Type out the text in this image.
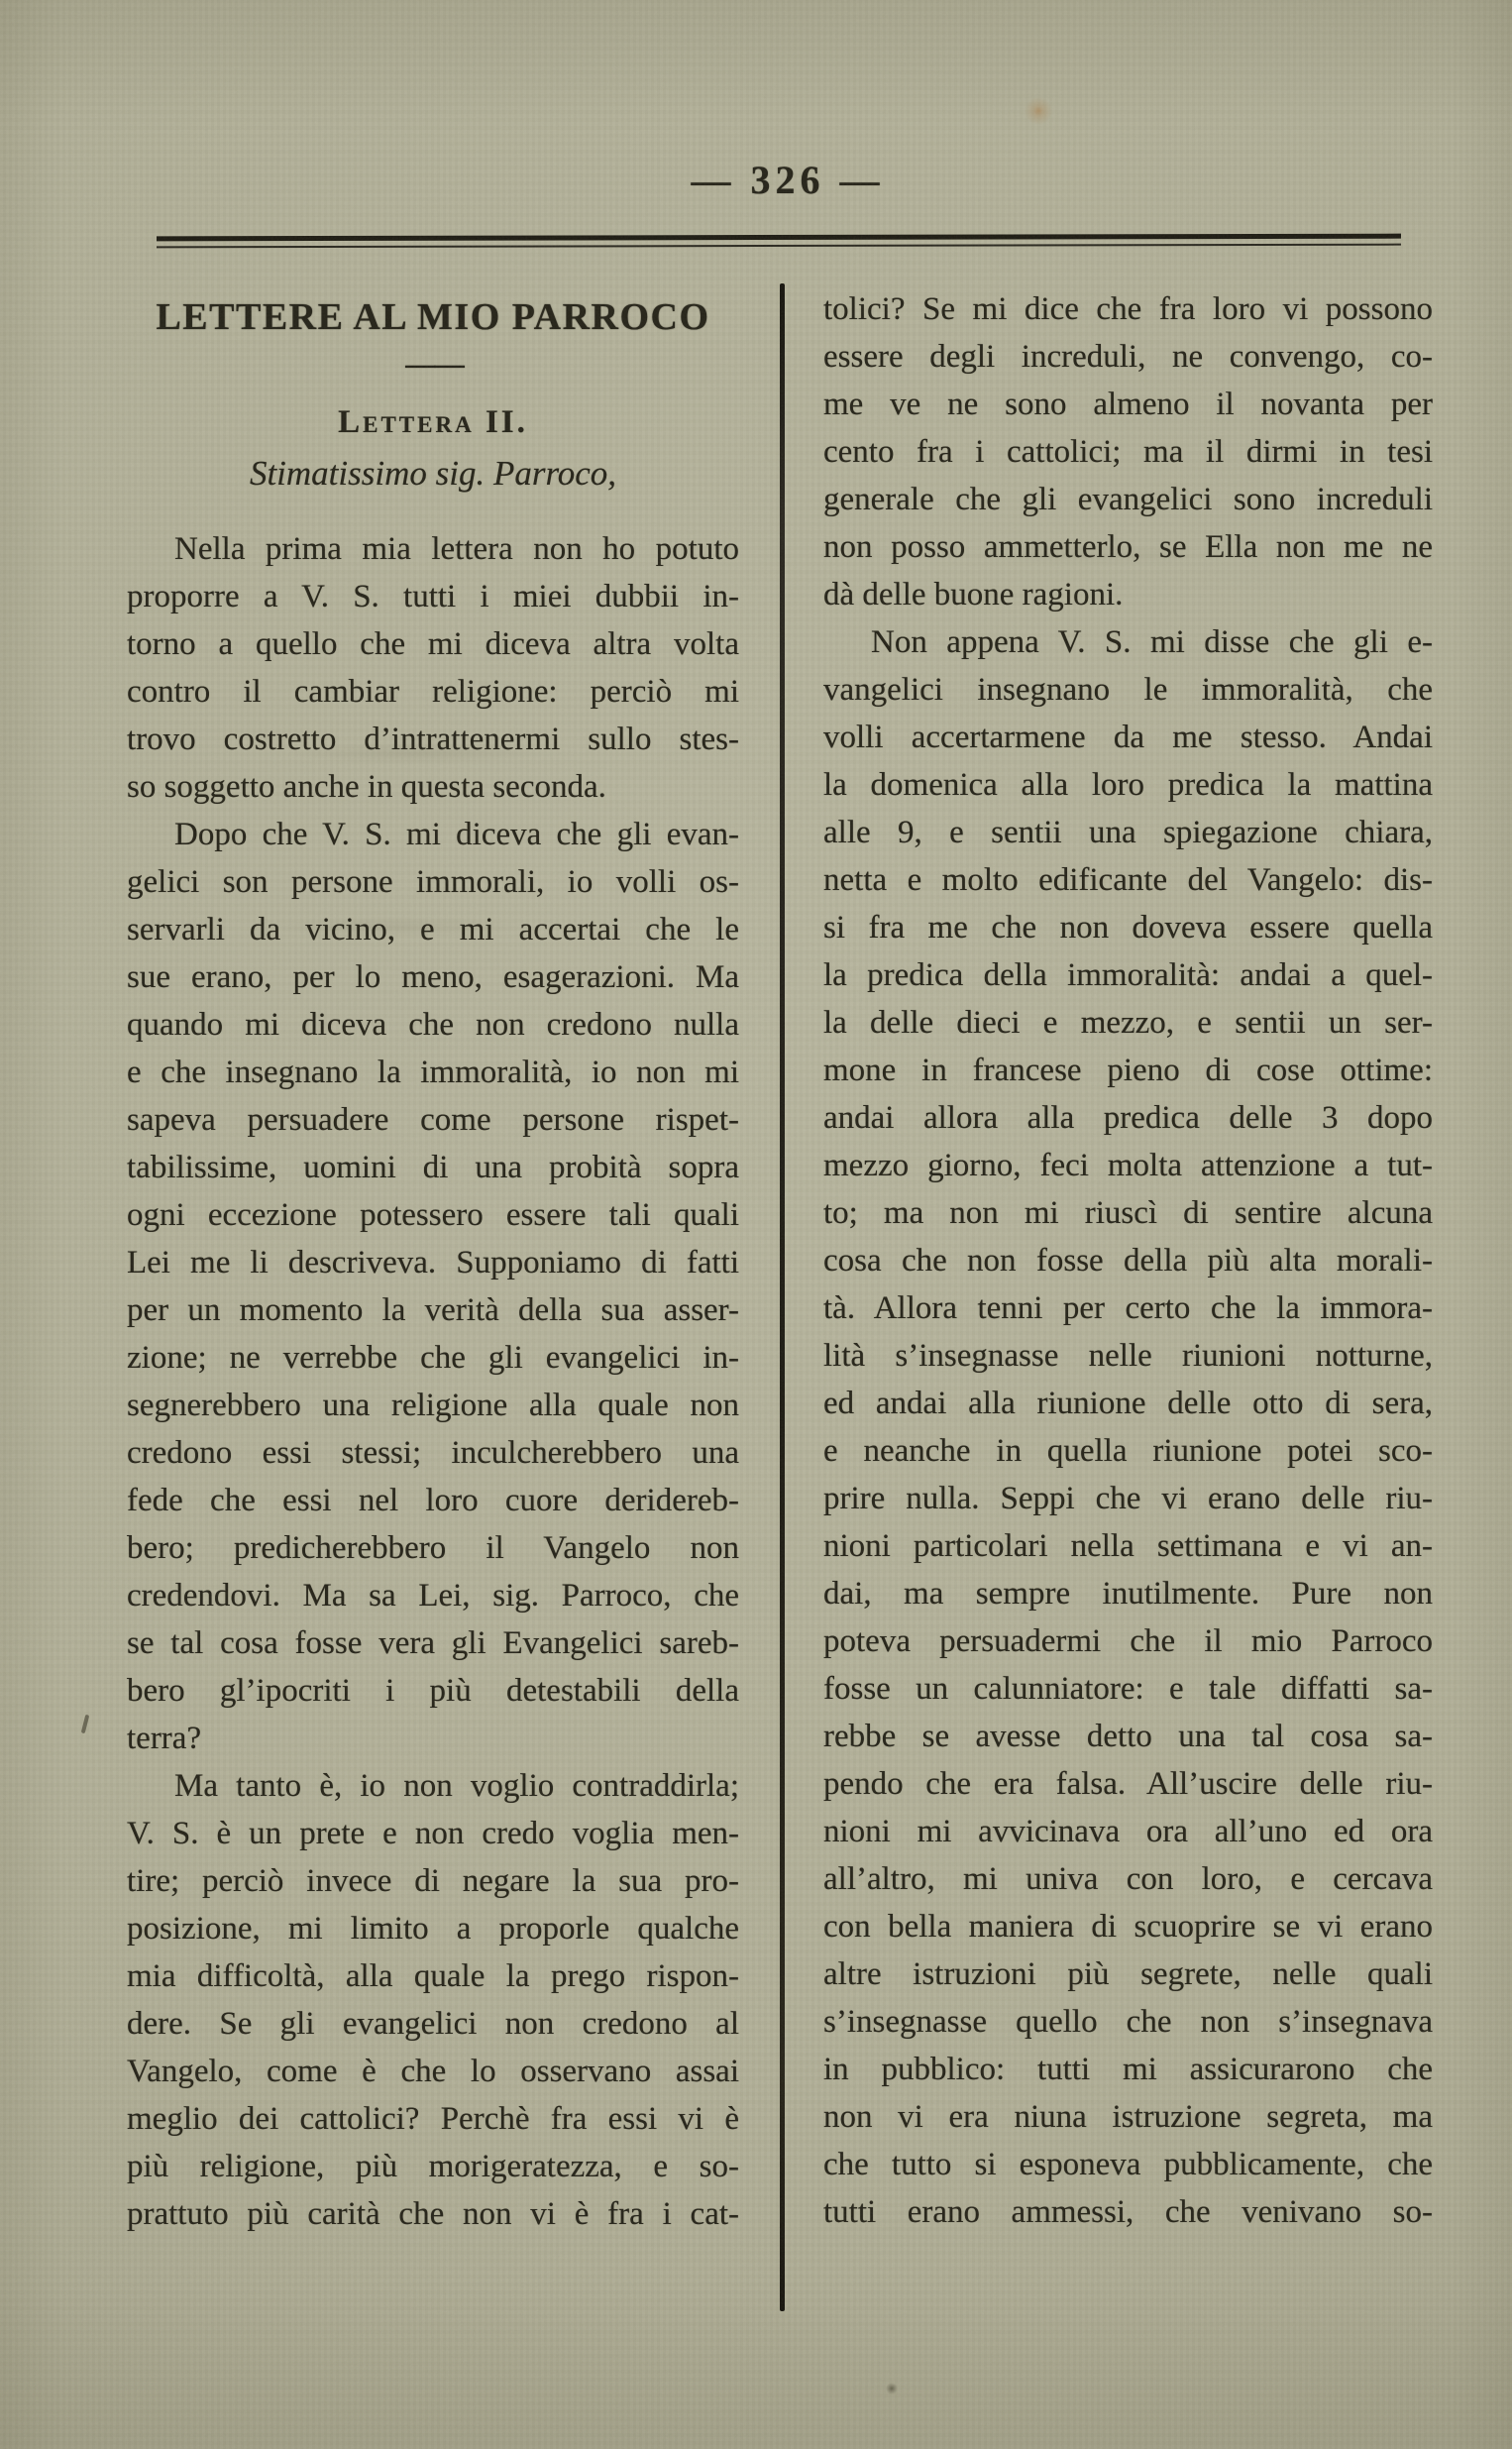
— 326 —
LETTERE AL MIO PARROCO
— —
Lettera II.
Stimatissimo sig. Parroco,
Nella prima mia lettera non ho potuto
proporre a V. S. tutti i miei dubbii in-
torno a quello che mi diceva altra volta
contro il cambiar religione: perciò mi
trovo costretto d’intrattenermi sullo stes-
so soggetto anche in questa seconda.
Dopo che V. S. mi diceva che gli evan-
gelici son persone immorali, io volli os-
servarli da vicino, e mi accertai che le
sue erano, per lo meno, esagerazioni. Ma
quando mi diceva che non credono nulla
e che insegnano la immoralità, io non mi
sapeva persuadere come persone rispet-
tabilissime, uomini di una probità sopra
ogni eccezione potessero essere tali quali
Lei me li descriveva. Supponiamo di fatti
per un momento la verità della sua asser-
zione; ne verrebbe che gli evangelici in-
segnerebbero una religione alla quale non
credono essi stessi; inculcherebbero una
fede che essi nel loro cuore deridereb-
bero; predicherebbero il Vangelo non
credendovi. Ma sa Lei, sig. Parroco, che
se tal cosa fosse vera gli Evangelici sareb-
bero gl’ipocriti i più detestabili della
terra?
Ma tanto è, io non voglio contraddirla;
V. S. è un prete e non credo voglia men-
tire; perciò invece di negare la sua pro-
posizione, mi limito a proporle qualche
mia difficoltà, alla quale la prego rispon-
dere. Se gli evangelici non credono al
Vangelo, come è che lo osservano assai
meglio dei cattolici? Perchè fra essi vi è
più religione, più morigeratezza, e so-
prattuto più carità che non vi è fra i cat-
tolici? Se mi dice che fra loro vi possono
essere degli increduli, ne convengo, co-
me ve ne sono almeno il novanta per
cento fra i cattolici; ma il dirmi in tesi
generale che gli evangelici sono increduli
non posso ammetterlo, se Ella non me ne
dà delle buone ragioni.
Non appena V. S. mi disse che gli e-
vangelici insegnano le immoralità, che
volli accertarmene da me stesso. Andai
la domenica alla loro predica la mattina
alle 9, e sentii una spiegazione chiara,
netta e molto edificante del Vangelo: dis-
si fra me che non doveva essere quella
la predica della immoralità: andai a quel-
la delle dieci e mezzo, e sentii un ser-
mone in francese pieno di cose ottime:
andai allora alla predica delle 3 dopo
mezzo giorno, feci molta attenzione a tut-
to; ma non mi riuscì di sentire alcuna
cosa che non fosse della più alta morali-
tà. Allora tenni per certo che la immora-
lità s’insegnasse nelle riunioni notturne,
ed andai alla riunione delle otto di sera,
e neanche in quella riunione potei sco-
prire nulla. Seppi che vi erano delle riu-
nioni particolari nella settimana e vi an-
dai, ma sempre inutilmente. Pure non
poteva persuadermi che il mio Parroco
fosse un calunniatore: e tale diffatti sa-
rebbe se avesse detto una tal cosa sa-
pendo che era falsa. All’uscire delle riu-
nioni mi avvicinava ora all’uno ed ora
all’altro, mi univa con loro, e cercava
con bella maniera di scuoprire se vi erano
altre istruzioni più segrete, nelle quali
s’insegnasse quello che non s’insegnava
in pubblico: tutti mi assicurarono che
non vi era niuna istruzione segreta, ma
che tutto si esponeva pubblicamente, che
tutti erano ammessi, che venivano so-
